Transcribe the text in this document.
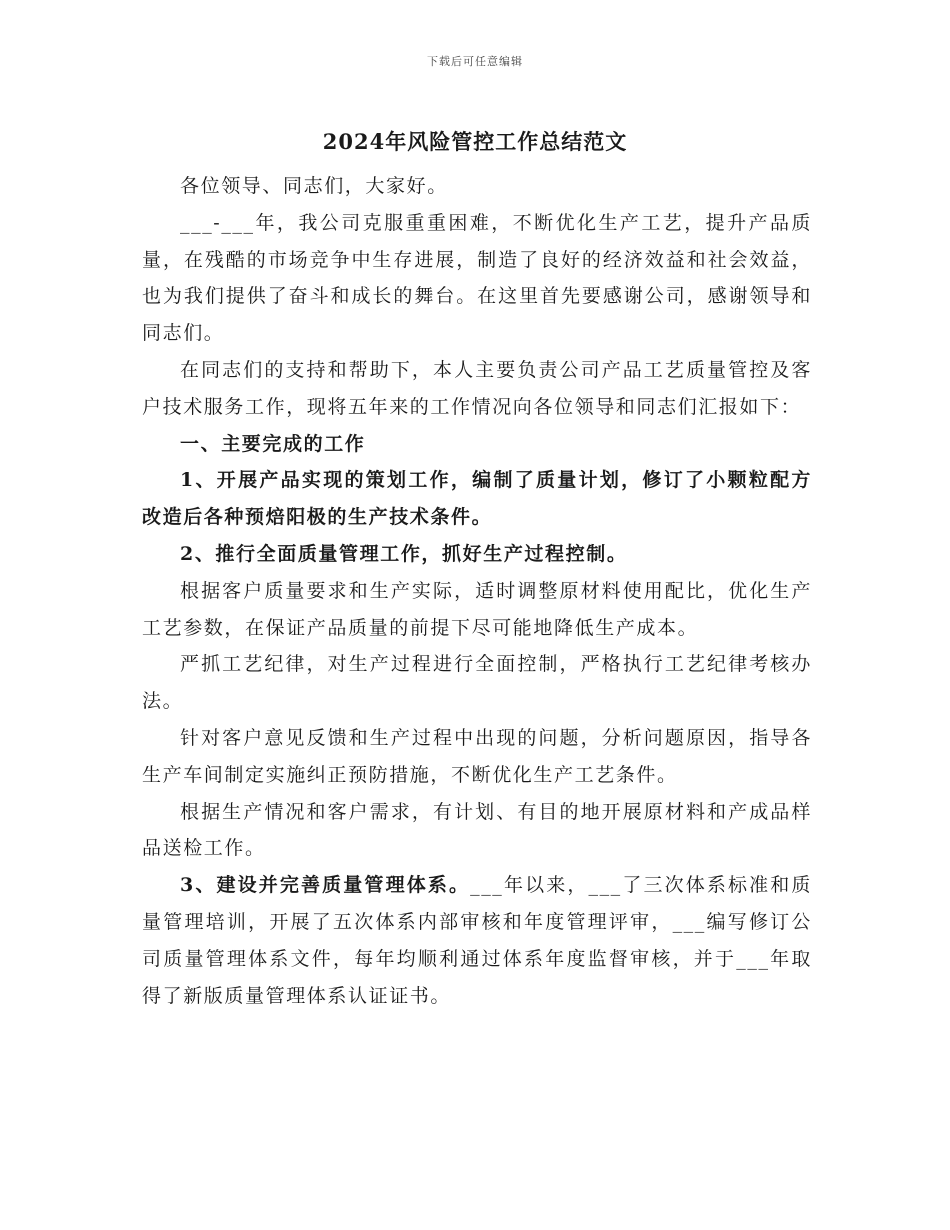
下载后可任意编辑
2024年风险管控工作总结范文

各位领导、同志们，大家好。

___-___年，我公司克服重重困难，不断优化生产工艺，提升产品质量，在残酷的市场竞争中生存进展，制造了良好的经济效益和社会效益，也为我们提供了奋斗和成长的舞台。在这里首先要感谢公司，感谢领导和同志们。

在同志们的支持和帮助下，本人主要负责公司产品工艺质量管控及客户技术服务工作，现将五年来的工作情况向各位领导和同志们汇报如下：

一、主要完成的工作

1、开展产品实现的策划工作，编制了质量计划，修订了小颗粒配方改造后各种预焙阳极的生产技术条件。

2、推行全面质量管理工作，抓好生产过程控制。

根据客户质量要求和生产实际，适时调整原材料使用配比，优化生产工艺参数，在保证产品质量的前提下尽可能地降低生产成本。

严抓工艺纪律，对生产过程进行全面控制，严格执行工艺纪律考核办法。

针对客户意见反馈和生产过程中出现的问题，分析问题原因，指导各生产车间制定实施纠正预防措施，不断优化生产工艺条件。

根据生产情况和客户需求，有计划、有目的地开展原材料和产成品样品送检工作。

3、建设并完善质量管理体系。___年以来，___了三次体系标准和质量管理培训，开展了五次体系内部审核和年度管理评审，___编写修订公司质量管理体系文件，每年均顺利通过体系年度监督审核，并于___年取得了新版质量管理体系认证证书。
